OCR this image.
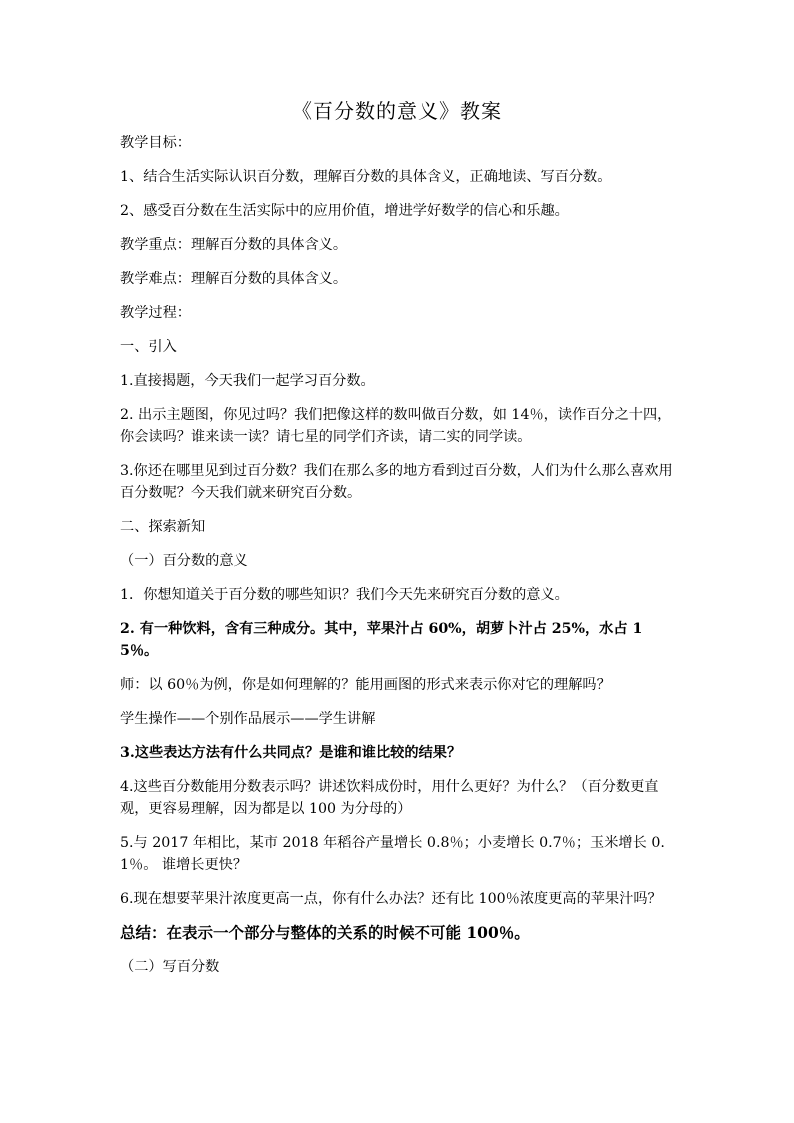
《百分数的意义》教案
教学目标：
1、结合生活实际认识百分数，理解百分数的具体含义，正确地读、写百分数。
2、感受百分数在生活实际中的应用价值，增进学好数学的信心和乐趣。
教学重点：理解百分数的具体含义。
教学难点：理解百分数的具体含义。
教学过程：
一、引入
1.直接揭题，今天我们一起学习百分数。
2. 出示主题图，你见过吗？我们把像这样的数叫做百分数，如 14％，读作百分之十四，你会读吗？谁来读一读？请七星的同学们齐读，请二实的同学读。
3.你还在哪里见到过百分数？我们在那么多的地方看到过百分数，人们为什么那么喜欢用百分数呢？今天我们就来研究百分数。
二、探索新知
（一）百分数的意义
1．你想知道关于百分数的哪些知识？我们今天先来研究百分数的意义。
2. 有一种饮料，含有三种成分。其中，苹果汁占 60%，胡萝卜汁占 25%，水占 15％。
师：以 60％为例，你是如何理解的？能用画图的形式来表示你对它的理解吗？
学生操作——个别作品展示——学生讲解
3.这些表达方法有什么共同点？是谁和谁比较的结果？
4.这些百分数能用分数表示吗？讲述饮料成份时，用什么更好？为什么？（百分数更直观，更容易理解，因为都是以 100 为分母的）
5.与 2017 年相比，某市 2018 年稻谷产量增长 0.8％；小麦增长 0.7％；玉米增长 0.1％。 谁增长更快？
6.现在想要苹果汁浓度更高一点，你有什么办法？还有比 100％浓度更高的苹果汁吗？
总结：在表示一个部分与整体的关系的时候不可能 100％。
（二）写百分数
